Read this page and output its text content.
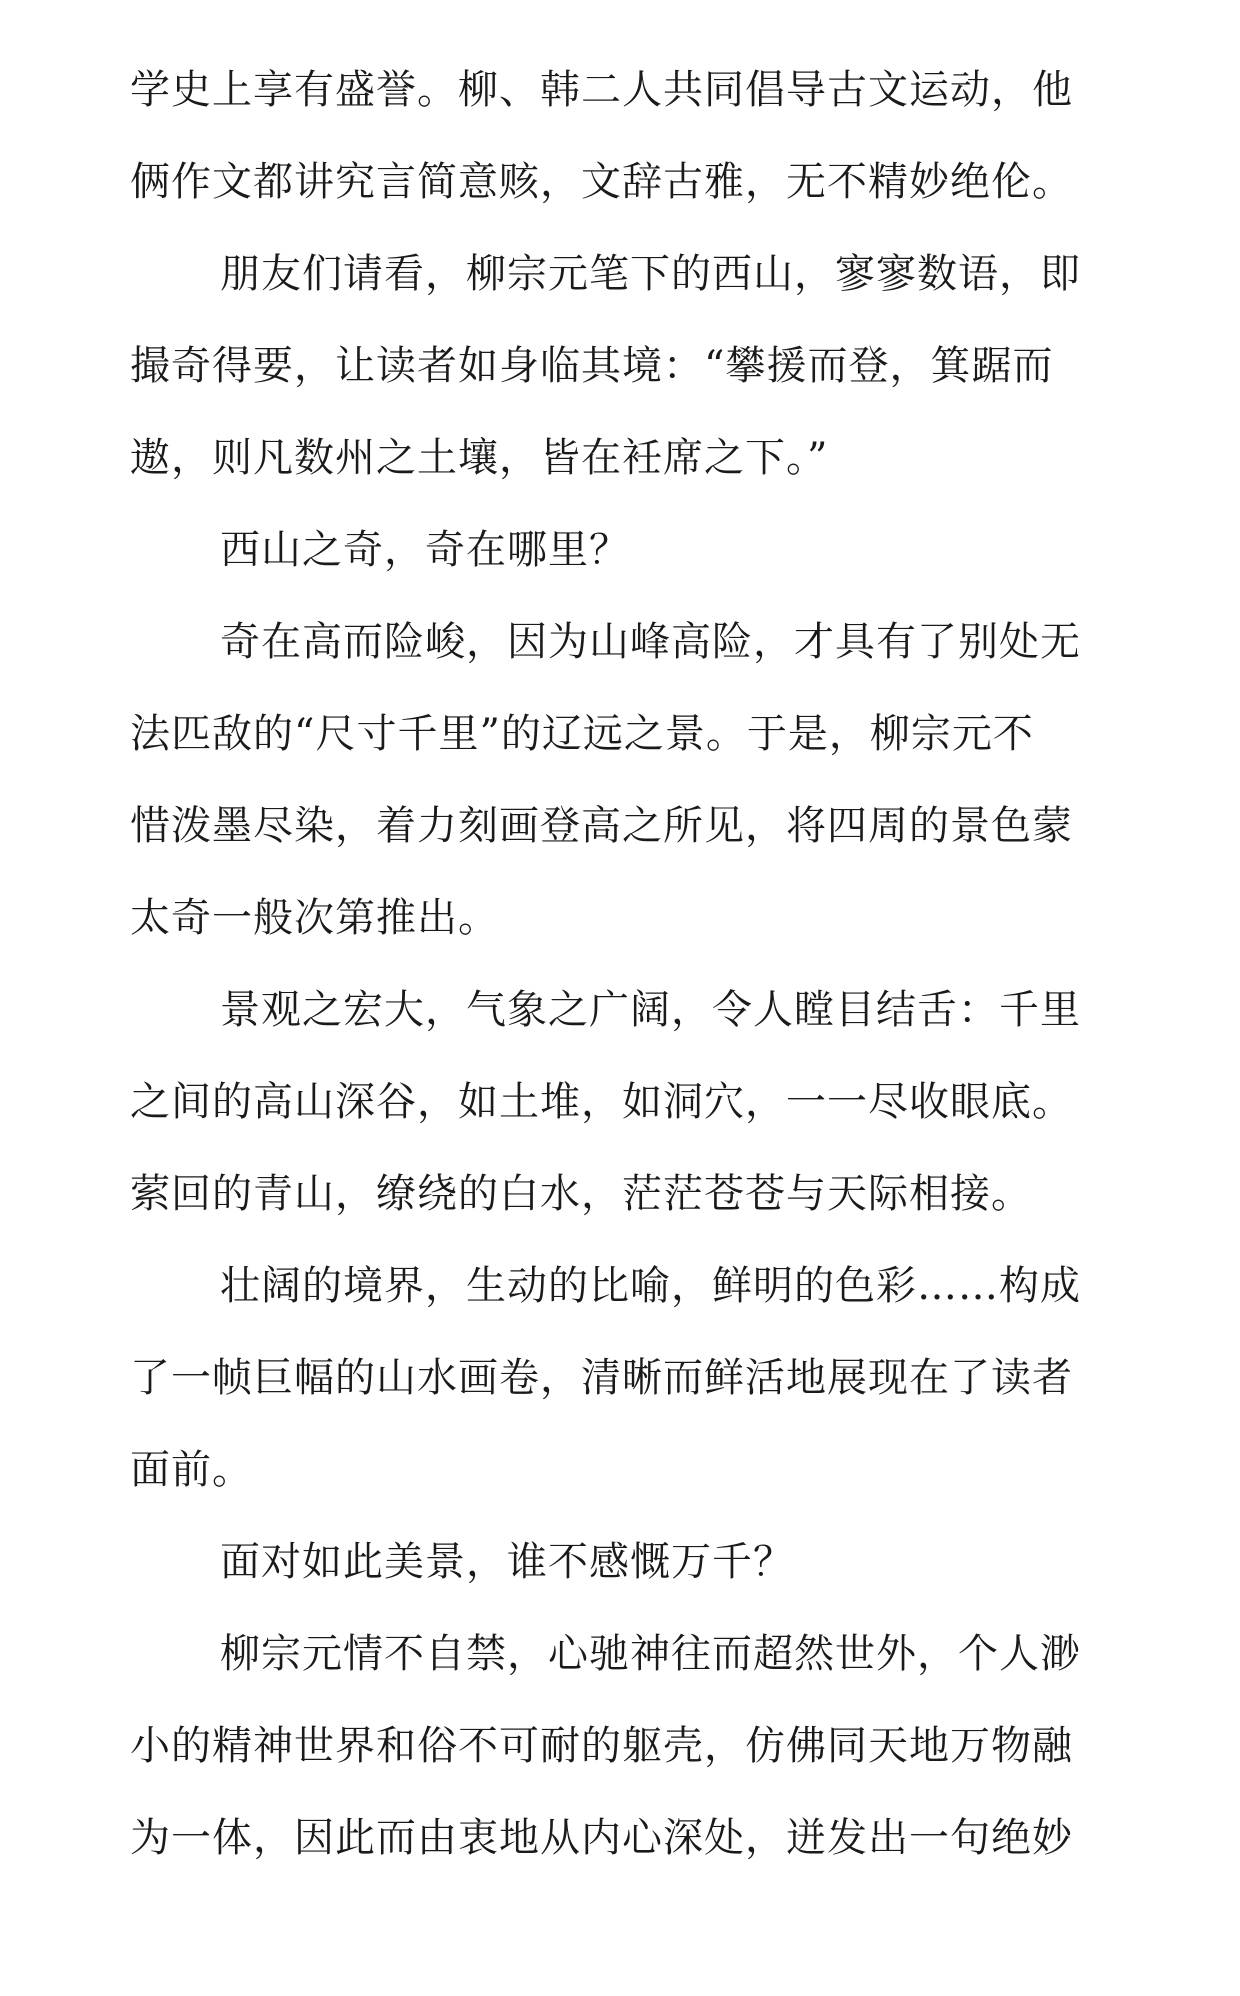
学史上享有盛誉。柳、韩二人共同倡导古文运动，他
俩作文都讲究言简意赅，文辞古雅，无不精妙绝伦。
朋友们请看，柳宗元笔下的西山，寥寥数语，即
撮奇得要，让读者如身临其境：“攀援而登，箕踞而
遨，则凡数州之土壤，皆在衽席之下。”
西山之奇，奇在哪里？
奇在高而险峻，因为山峰高险，才具有了别处无
法匹敌的“尺寸千里”的辽远之景。于是，柳宗元不
惜泼墨尽染，着力刻画登高之所见，将四周的景色蒙
太奇一般次第推出。
景观之宏大，气象之广阔，令人瞠目结舌：千里
之间的高山深谷，如土堆，如洞穴，一一尽收眼底。
萦回的青山，缭绕的白水，茫茫苍苍与天际相接。
壮阔的境界，生动的比喻，鲜明的色彩……构成
了一帧巨幅的山水画卷，清晰而鲜活地展现在了读者
面前。
面对如此美景，谁不感慨万千？
柳宗元情不自禁，心驰神往而超然世外，个人渺
小的精神世界和俗不可耐的躯壳，仿佛同天地万物融
为一体，因此而由衷地从内心深处，迸发出一句绝妙
